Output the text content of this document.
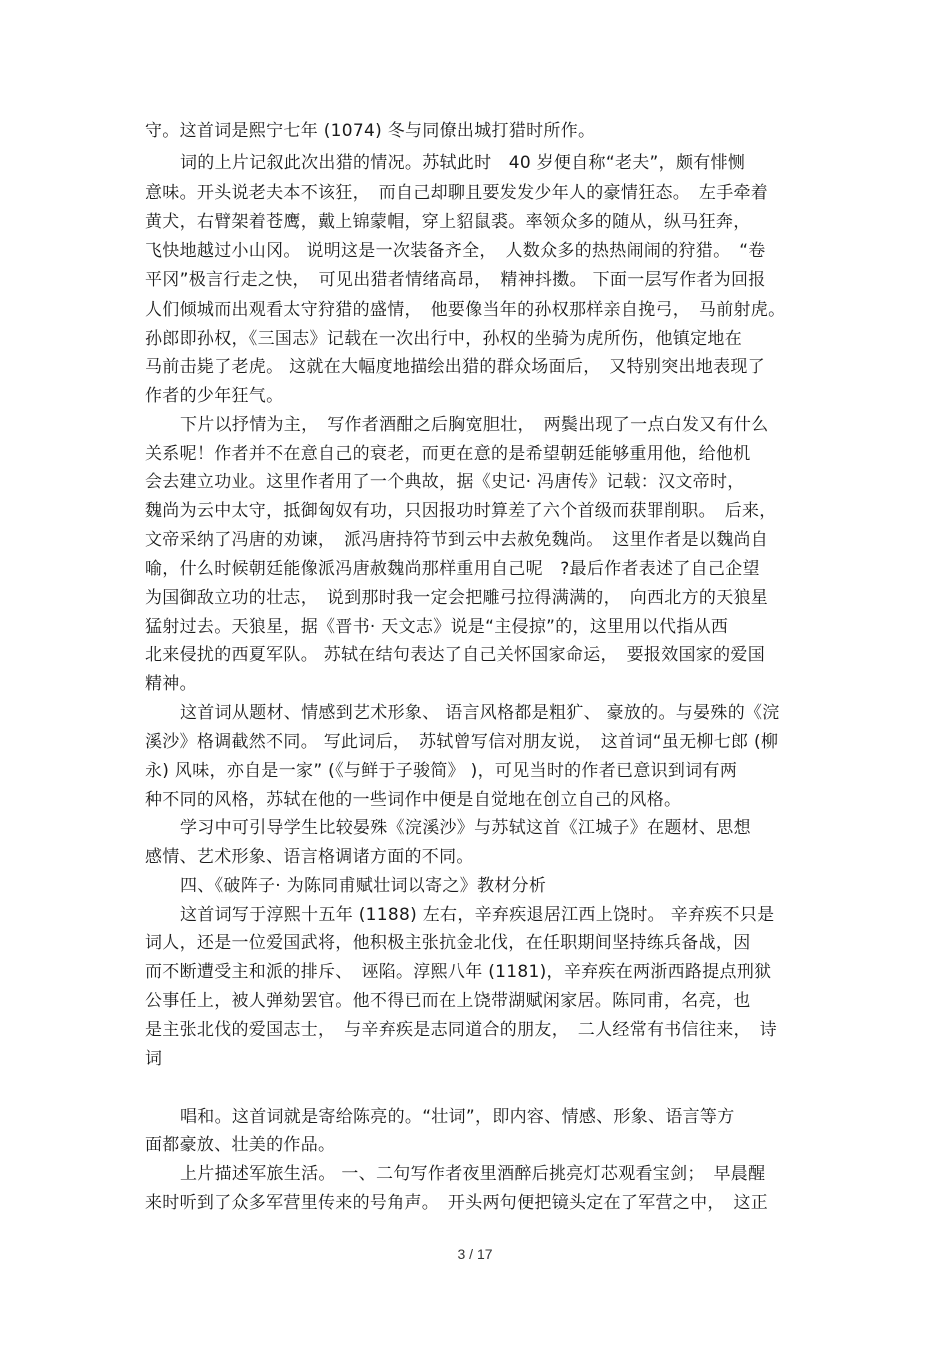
守。这首词是熙宁七年 (1074) 冬与同僚出城打猎时所作。
词的上片记叙此次出猎的情况。苏轼此时　40 岁便自称“老夫”，颇有悱恻
意味。开头说老夫本不该狂，　而自己却聊且要发发少年人的豪情狂态。　左手牵着
黄犬，右臂架着苍鹰，戴上锦蒙帽，穿上貂鼠裘。率领众多的随从，纵马狂奔，
飞快地越过小山冈。 说明这是一次装备齐全，　人数众多的热热闹闹的狩猎。　“卷
平冈”极言行走之快，　可见出猎者情绪高昂，　精神抖擞。 下面一层写作者为回报
人们倾城而出观看太守狩猎的盛情，　他要像当年的孙权那样亲自挽弓，　马前射虎。
孙郎即孙权，《三国志》记载在一次出行中，孙权的坐骑为虎所伤，他镇定地在
马前击毙了老虎。 这就在大幅度地描绘出猎的群众场面后，　又特别突出地表现了
作者的少年狂气。
下片以抒情为主，　写作者酒酣之后胸宽胆壮，　两鬓出现了一点白发又有什么
关系呢！作者并不在意自己的衰老，而更在意的是希望朝廷能够重用他，给他机
会去建立功业。这里作者用了一个典故，据《史记· 冯唐传》记载：汉文帝时，
魏尚为云中太守，抵御匈奴有功，只因报功时算差了六个首级而获罪削职。　后来，
文帝采纳了冯唐的劝谏，　派冯唐持符节到云中去赦免魏尚。　这里作者是以魏尚自
喻，什么时候朝廷能像派冯唐赦魏尚那样重用自己呢　?最后作者表述了自己企望
为国御敌立功的壮志，　说到那时我一定会把雕弓拉得满满的，　向西北方的天狼星
猛射过去。天狼星，据《晋书· 天文志》说是“主侵掠”的，这里用以代指从西
北来侵扰的西夏军队。 苏轼在结句表达了自己关怀国家命运，　要报效国家的爱国
精神。
这首词从题材、情感到艺术形象、 语言风格都是粗犷、 豪放的。与晏殊的《浣
溪沙》格调截然不同。 写此词后，　苏轼曾写信对朋友说，　这首词“虽无柳七郎 (柳
永) 风味，亦自是一家” (《与鲜于子骏简》 )，可见当时的作者已意识到词有两
种不同的风格，苏轼在他的一些词作中便是自觉地在创立自己的风格。
学习中可引导学生比较晏殊《浣溪沙》与苏轼这首《江城子》在题材、思想
感情、艺术形象、语言格调诸方面的不同。
四、《破阵子· 为陈同甫赋壮词以寄之》教材分析
这首词写于淳熙十五年 (1188) 左右，辛弃疾退居江西上饶时。 辛弃疾不只是
词人，还是一位爱国武将，他积极主张抗金北伐，在任职期间坚持练兵备战，因
而不断遭受主和派的排斥、　诬陷。淳熙八年 (1181)，辛弃疾在两浙西路提点刑狱
公事任上，被人弹劾罢官。他不得已而在上饶带湖赋闲家居。陈同甫，名亮，也
是主张北伐的爱国志士，　与辛弃疾是志同道合的朋友，　二人经常有书信往来，　诗
词
唱和。这首词就是寄给陈亮的。“壮词”，即内容、情感、形象、语言等方
面都豪放、壮美的作品。
上片描述军旅生活。 一、二句写作者夜里酒醉后挑亮灯芯观看宝剑；　早晨醒
来时听到了众多军营里传来的号角声。　开头两句便把镜头定在了军营之中，　这正
3 / 17
